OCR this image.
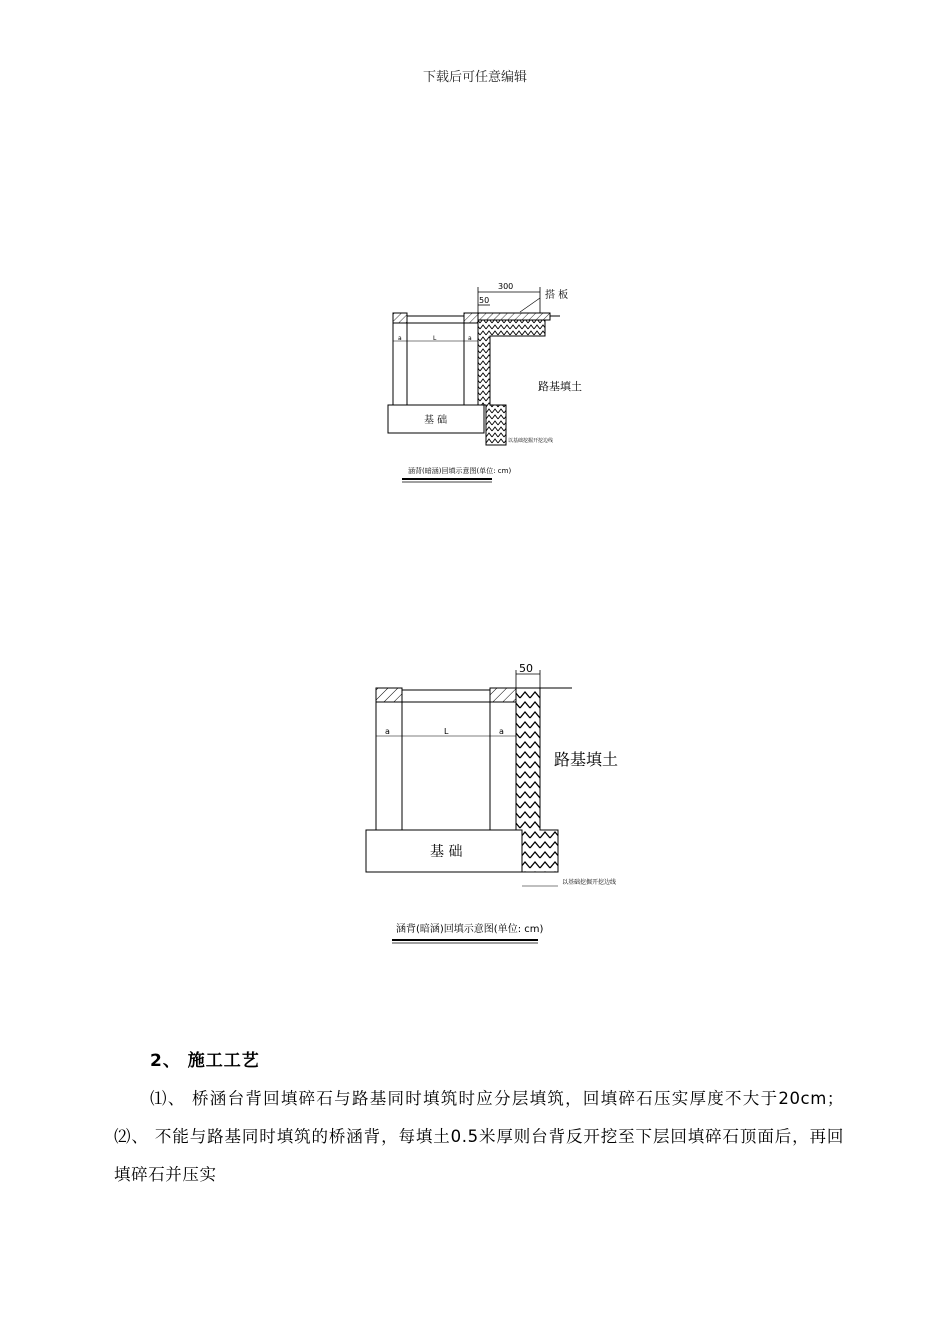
下载后可任意编辑
基 础
300
50	搭 板
a	L	a
路基填土
以基础挖掘开挖边线
涵背(暗涵)回填示意图(单位: cm)
基 础
50
a	L	a
路基填土
以基础挖掘开挖边线
涵背(暗涵)回填示意图(单位: cm)
2、 施工工艺
⑴、 桥涵台背回填碎石与路基同时填筑时应分层填筑，回填碎石压实厚度不大于20cm；⑵、 不能与路基同时填筑的桥涵背，每填土0.5米厚则台背反开挖至下层回填碎石顶面后，再回填碎石并压实
